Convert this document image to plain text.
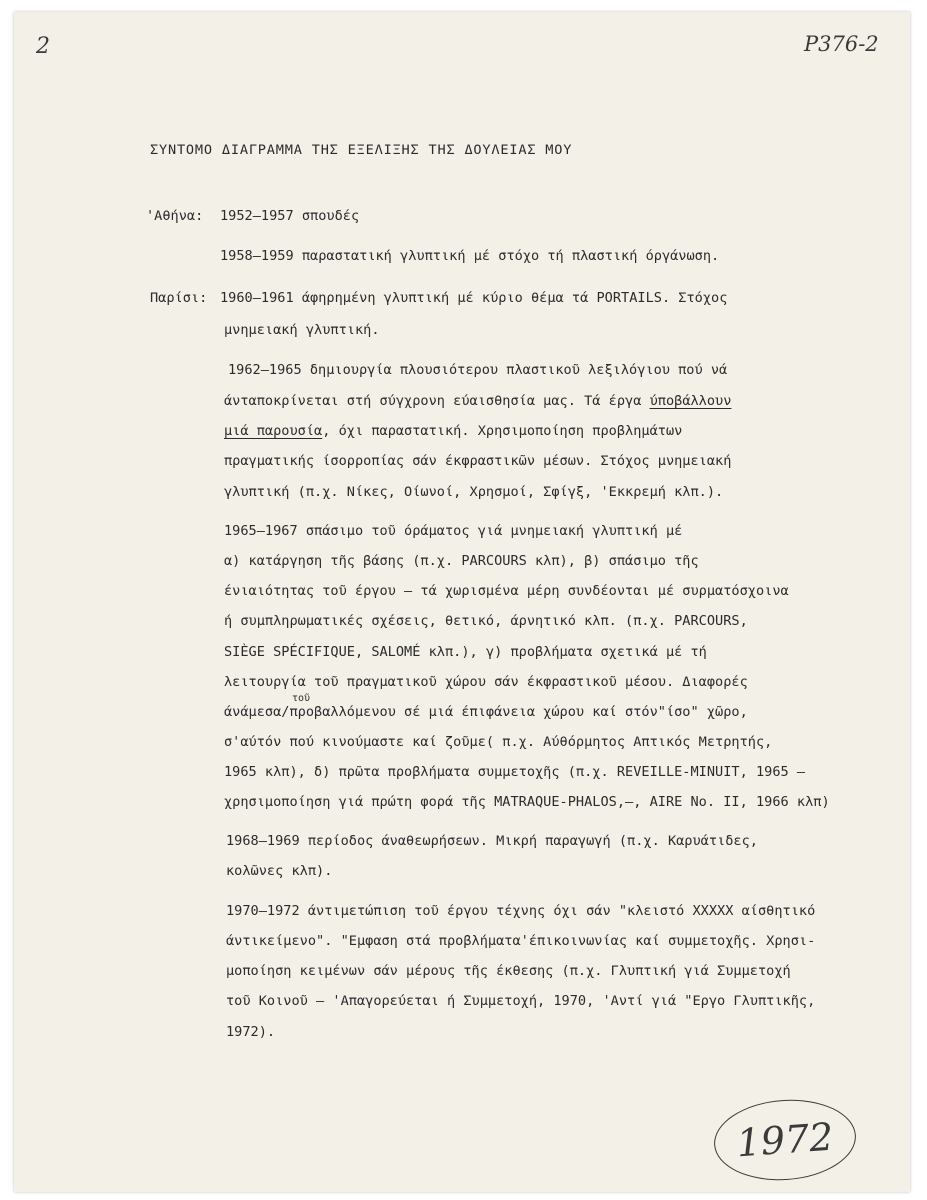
2	P376-2
ΣΥΝΤΟΜΟ ΔΙΑΓΡΑΜΜΑ ΤΗΣ ΕΞΕΛΙΞΗΣ ΤΗΣ ΔΟΥΛΕΙΑΣ ΜΟΥ
'Αθήνα: 1952–1957 σπουδές
1958–1959 παραστατική γλυπτική μέ στόχο τή πλαστική όργάνωση.
Παρίσι: 1960–1961 άφηρημένη γλυπτική μέ κύριο θέμα τά PORTAILS. Στόχος
μνημειακή γλυπτική.
1962–1965 δημιουργία πλουσιότερου πλαστικοῦ λεξιλόγιου πού νά
άνταποκρίνεται στή σύγχρονη εύαισθησία μας. Τά έργα ύποβάλλουν
μιά παρουσία, όχι παραστατική. Χρησιμοποίηση προβλημάτων
πραγματικής ίσορροπίας σάν έκφραστικῶν μέσων. Στόχος μνημειακή
γλυπτική (π.χ. Νίκες, Οίωνοί, Χρησμοί, Σφίγξ, 'Εκκρεμή κλπ.).
1965–1967 σπάσιμο τοῦ όράματος γιά μνημειακή γλυπτική μέ
α) κατάργηση τῆς βάσης (π.χ. PARCOURS κλπ), β) σπάσιμο τῆς
ένιαιότητας τοῦ έργου – τά χωρισμένα μέρη συνδέονται μέ συρματόσχοινα
ή συμπληρωματικές σχέσεις, θετικό, άρνητικό κλπ. (π.χ. PARCOURS,
SIÈGE SPÉCIFIQUE, SALOMÉ κλπ.), γ) προβλήματα σχετικά μέ τή
λειτουργία τοῦ πραγματικοῦ χώρου σάν έκφραστικοῦ μέσου. Διαφορές
τοῦ
άνάμεσα/προβαλλόμενου σέ μιά έπιφάνεια χώρου καί στόν"ίσο" χῶρο,
σ'αύτόν πού κινούμαστε καί ζοῦμε( π.χ. Αύθόρμητος Απτικός Μετρητής,
1965 κλπ), δ) πρῶτα προβλήματα συμμετοχῆς (π.χ. REVEILLE-MINUIT, 1965 –
χρησιμοποίηση γιά πρώτη φορά τῆς MATRAQUE-PHALOS,–, AIRE No. II, 1966 κλπ)
1968–1969 περίοδος άναθεωρήσεων. Μικρή παραγωγή (π.χ. Καρυάτιδες,
κολῶνες κλπ).
1970–1972 άντιμετώπιση τοῦ έργου τέχνης όχι σάν "κλειστό XXXXX αίσθητικό
άντικείμενο". "Εμφαση στά προβλήματα'έπικοινωνίας καί συμμετοχῆς. Χρησι-
μοποίηση κειμένων σάν μέρους τῆς έκθεσης (π.χ. Γλυπτική γιά Συμμετοχή
τοῦ Κοινοῦ – 'Απαγορεύεται ή Συμμετοχή, 1970, 'Αντί γιά "Εργο Γλυπτικῆς,
1972).
1972
